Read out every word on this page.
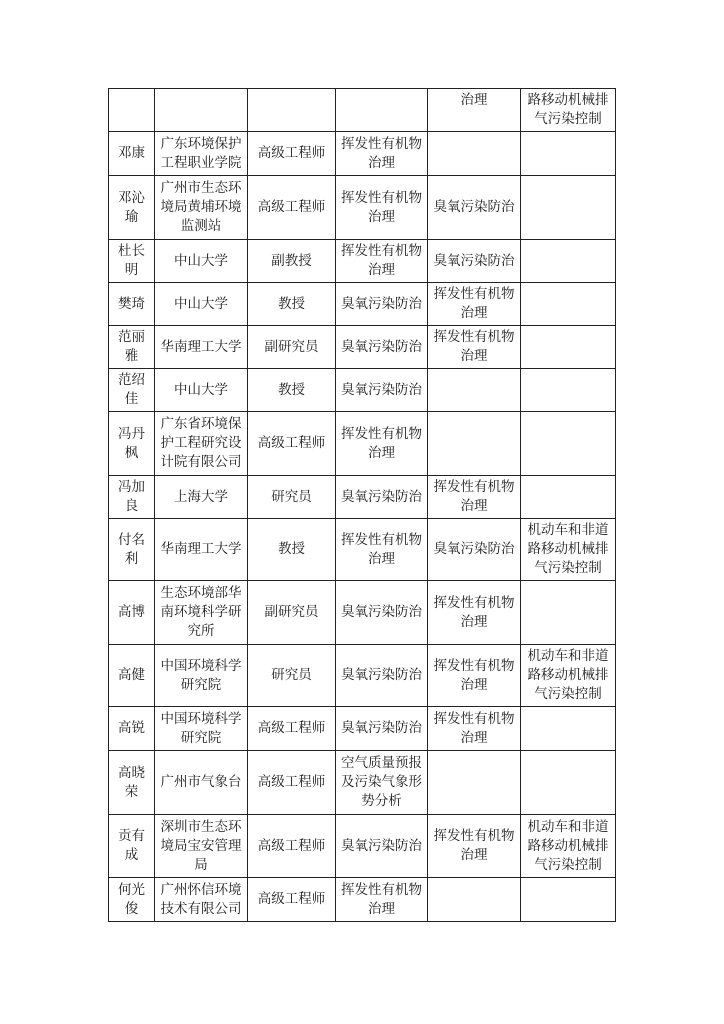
				治理	路移动机械排气污染控制
邓康	广东环境保护工程职业学院	高级工程师	挥发性有机物治理		
邓沁瑜	广州市生态环境局黄埔环境监测站	高级工程师	挥发性有机物治理	臭氧污染防治	
杜长明	中山大学	副教授	挥发性有机物治理	臭氧污染防治	
樊琦	中山大学	教授	臭氧污染防治	挥发性有机物治理	
范丽雅	华南理工大学	副研究员	臭氧污染防治	挥发性有机物治理	
范绍佳	中山大学	教授	臭氧污染防治		
冯丹枫	广东省环境保护工程研究设计院有限公司	高级工程师	挥发性有机物治理		
冯加良	上海大学	研究员	臭氧污染防治	挥发性有机物治理	
付名利	华南理工大学	教授	挥发性有机物治理	臭氧污染防治	机动车和非道路移动机械排气污染控制
高博	生态环境部华南环境科学研究所	副研究员	臭氧污染防治	挥发性有机物治理	
高健	中国环境科学研究院	研究员	臭氧污染防治	挥发性有机物治理	机动车和非道路移动机械排气污染控制
高锐	中国环境科学研究院	高级工程师	臭氧污染防治	挥发性有机物治理	
高晓荣	广州市气象台	高级工程师	空气质量预报及污染气象形势分析		
贡有成	深圳市生态环境局宝安管理局	高级工程师	臭氧污染防治	挥发性有机物治理	机动车和非道路移动机械排气污染控制
何光俊	广州怀信环境技术有限公司	高级工程师	挥发性有机物治理		
